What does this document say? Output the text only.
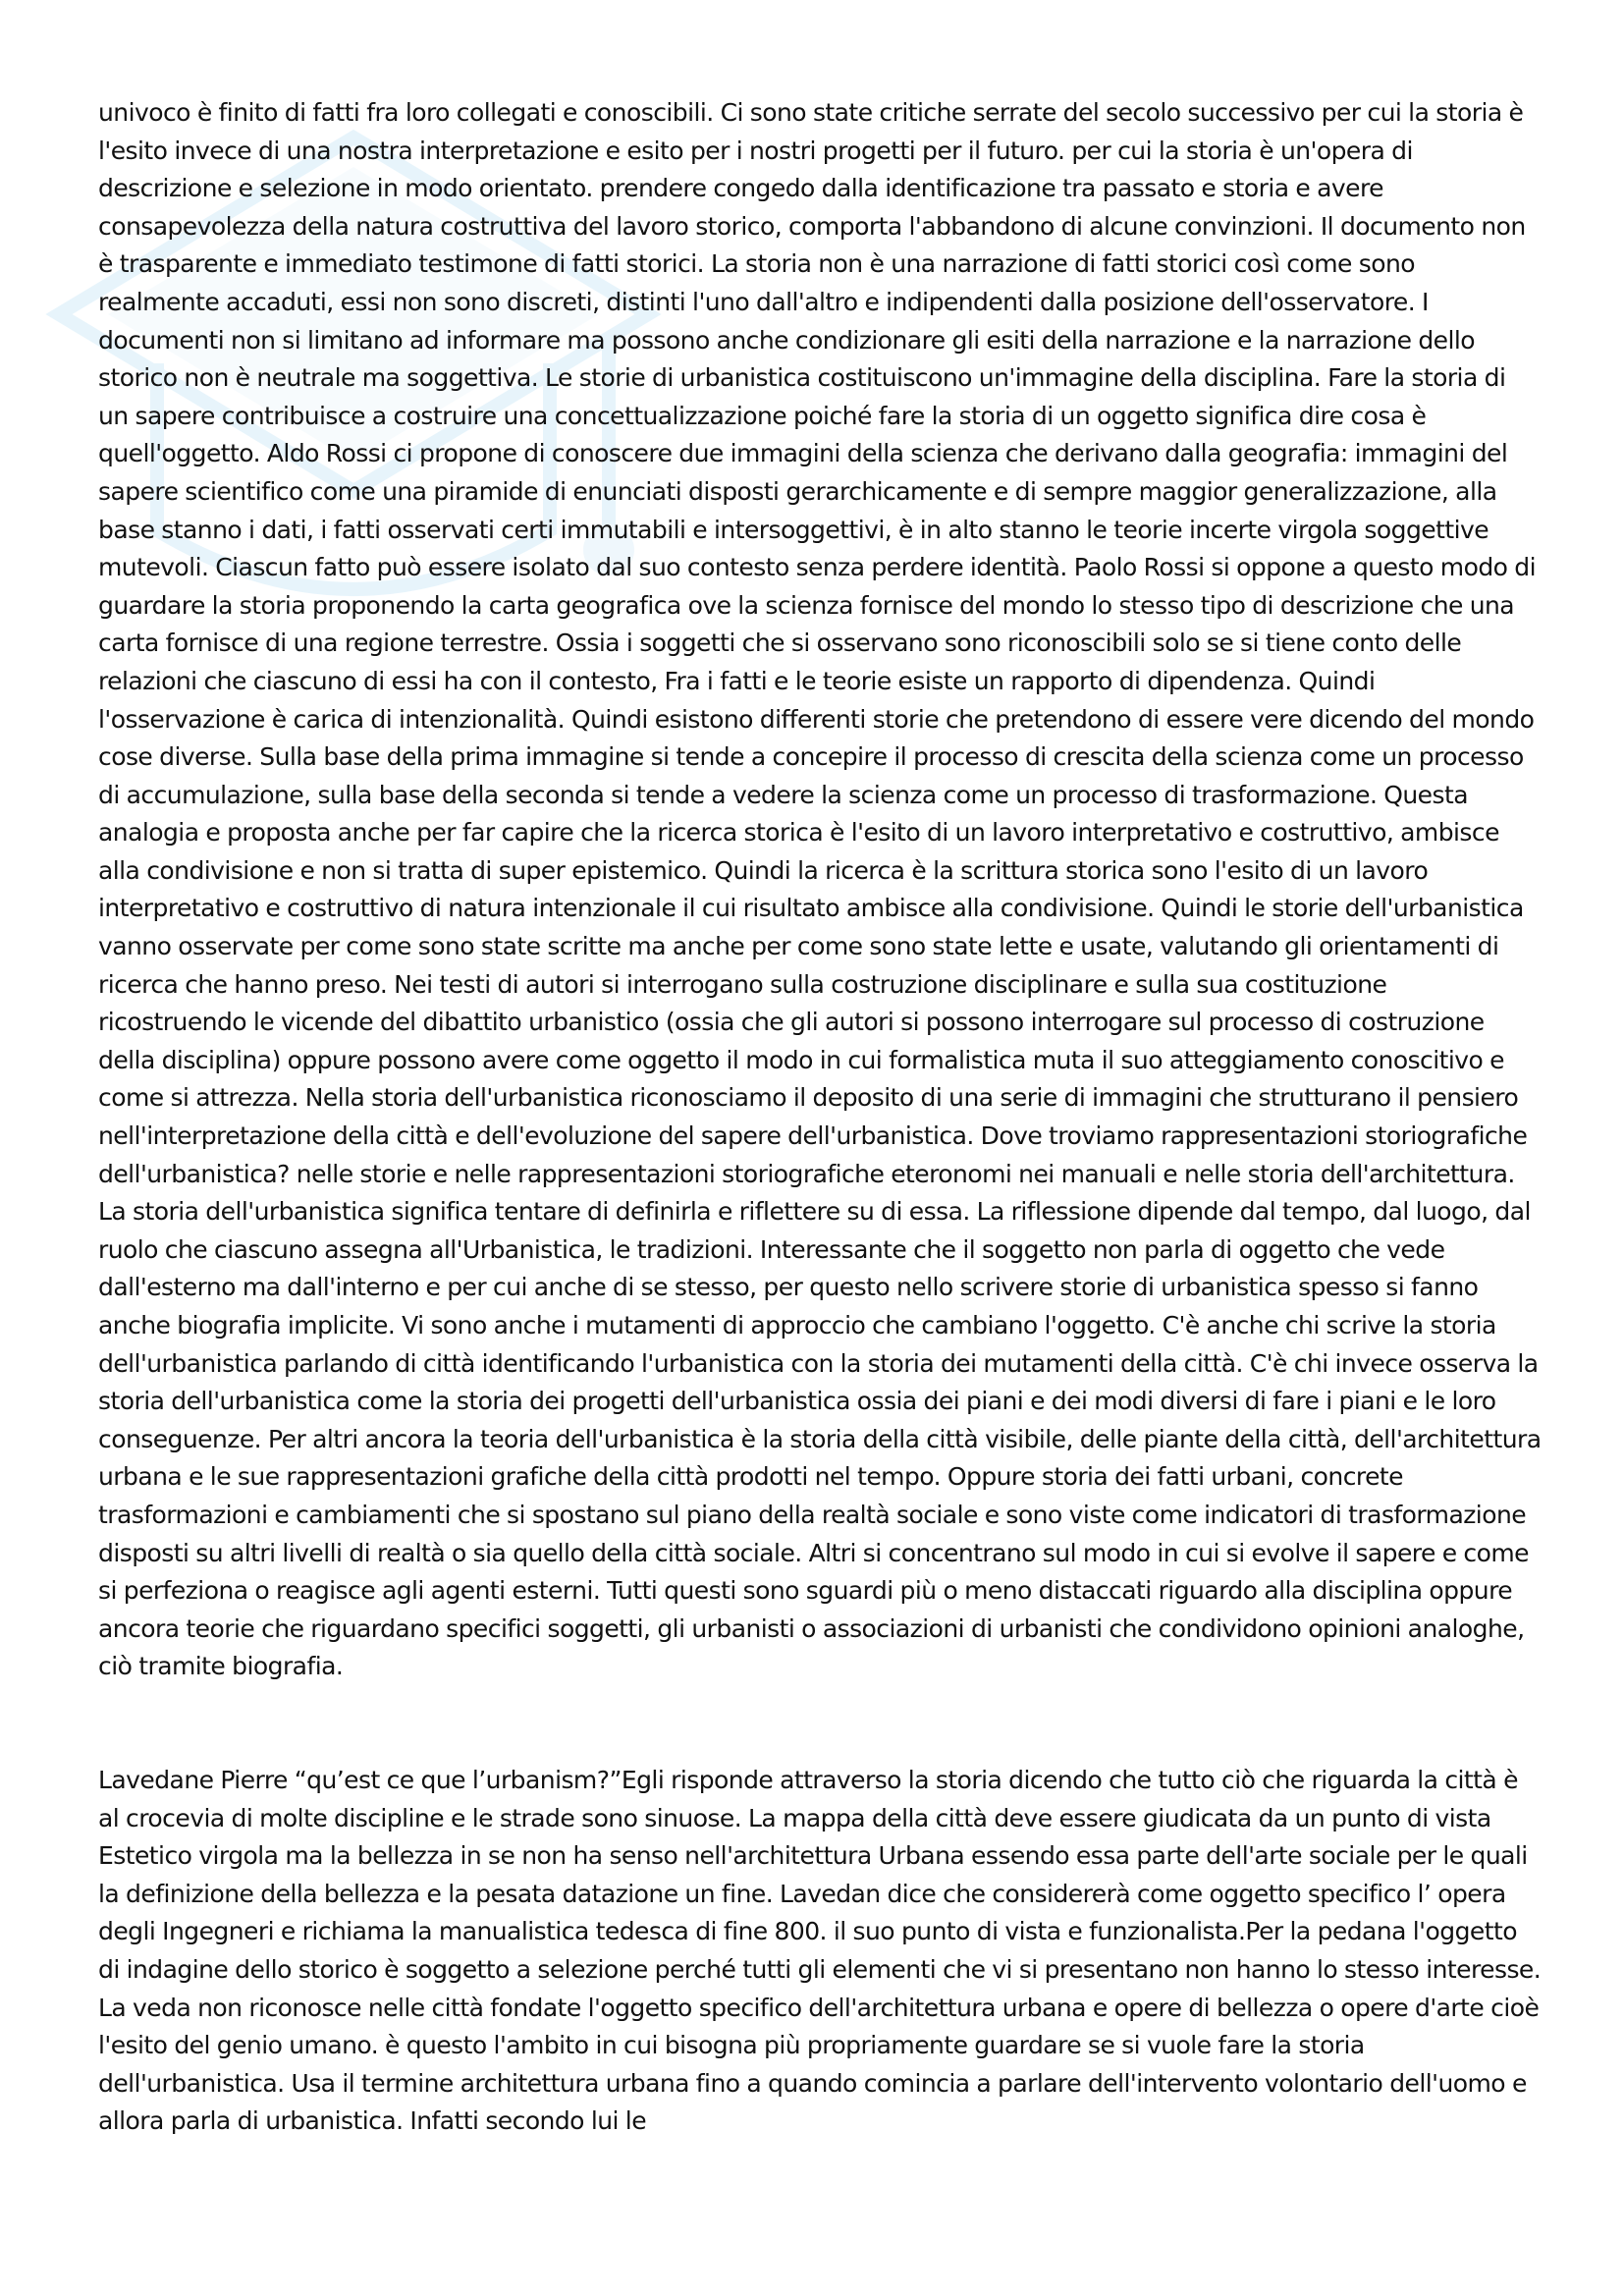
univoco è finito di fatti fra loro collegati e conoscibili. Ci sono state critiche serrate del secolo successivo per cui la storia è l'esito invece di una nostra interpretazione e esito per i nostri progetti per il futuro. per cui la storia è un'opera di descrizione e selezione in modo orientato. prendere congedo dalla identificazione tra passato e storia e avere consapevolezza della natura costruttiva del lavoro storico, comporta l'abbandono di alcune convinzioni. Il documento non è trasparente e immediato testimone di fatti storici. La storia non è una narrazione di fatti storici così come sono realmente accaduti, essi non sono discreti, distinti l'uno dall'altro e indipendenti dalla posizione dell'osservatore. I documenti non si limitano ad informare ma possono anche condizionare gli esiti della narrazione e la narrazione dello storico non è neutrale ma soggettiva. Le storie di urbanistica costituiscono un'immagine della disciplina. Fare la storia di un sapere contribuisce a costruire una concettualizzazione poiché fare la storia di un oggetto significa dire cosa è quell'oggetto. Aldo Rossi ci propone di conoscere due immagini della scienza che derivano dalla geografia: immagini del sapere scientifico come una piramide di enunciati disposti gerarchicamente e di sempre maggior generalizzazione, alla base stanno i dati, i fatti osservati certi immutabili e intersoggettivi, è in alto stanno le teorie incerte virgola soggettive mutevoli. Ciascun fatto può essere isolato dal suo contesto senza perdere identità. Paolo Rossi si oppone a questo modo di guardare la storia proponendo la carta geografica ove la scienza fornisce del mondo lo stesso tipo di descrizione che una carta fornisce di una regione terrestre. Ossia i soggetti che si osservano sono riconoscibili solo se si tiene conto delle relazioni che ciascuno di essi ha con il contesto, Fra i fatti e le teorie esiste un rapporto di dipendenza. Quindi l'osservazione è carica di intenzionalità. Quindi esistono differenti storie che pretendono di essere vere dicendo del mondo cose diverse. Sulla base della prima immagine si tende a concepire il processo di crescita della scienza come un processo di accumulazione, sulla base della seconda si tende a vedere la scienza come un processo di trasformazione. Questa analogia e proposta anche per far capire che la ricerca storica è l'esito di un lavoro interpretativo e costruttivo, ambisce alla condivisione e non si tratta di super epistemico. Quindi la ricerca è la scrittura storica sono l'esito di un lavoro interpretativo e costruttivo di natura intenzionale il cui risultato ambisce alla condivisione. Quindi le storie dell'urbanistica vanno osservate per come sono state scritte ma anche per come sono state lette e usate, valutando gli orientamenti di ricerca che hanno preso. Nei testi di autori si interrogano sulla costruzione disciplinare e sulla sua costituzione ricostruendo le vicende del dibattito urbanistico (ossia che gli autori si possono interrogare sul processo di costruzione della disciplina) oppure possono avere come oggetto il modo in cui formalistica muta il suo atteggiamento conoscitivo e come si attrezza. Nella storia dell'urbanistica riconosciamo il deposito di una serie di immagini che strutturano il pensiero nell'interpretazione della città e dell'evoluzione del sapere dell'urbanistica. Dove troviamo rappresentazioni storiografiche dell'urbanistica? nelle storie e nelle rappresentazioni storiografiche eteronomi nei manuali e nelle storia dell'architettura. La storia dell'urbanistica significa tentare di definirla e riflettere su di essa. La riflessione dipende dal tempo, dal luogo, dal ruolo che ciascuno assegna all'Urbanistica, le tradizioni. Interessante che il soggetto non parla di oggetto che vede dall'esterno ma dall'interno e per cui anche di se stesso, per questo nello scrivere storie di urbanistica spesso si fanno anche biografia implicite. Vi sono anche i mutamenti di approccio che cambiano l'oggetto. C'è anche chi scrive la storia dell'urbanistica parlando di città identificando l'urbanistica con la storia dei mutamenti della città. C'è chi invece osserva la storia dell'urbanistica come la storia dei progetti dell'urbanistica ossia dei piani e dei modi diversi di fare i piani e le loro conseguenze. Per altri ancora la teoria dell'urbanistica è la storia della città visibile, delle piante della città, dell'architettura urbana e le sue rappresentazioni grafiche della città prodotti nel tempo. Oppure storia dei fatti urbani, concrete trasformazioni e cambiamenti che si spostano sul piano della realtà sociale e sono viste come indicatori di trasformazione disposti su altri livelli di realtà o sia quello della città sociale. Altri si concentrano sul modo in cui si evolve il sapere e come si perfeziona o reagisce agli agenti esterni. Tutti questi sono sguardi più o meno distaccati riguardo alla disciplina oppure ancora teorie che riguardano specifici soggetti, gli urbanisti o associazioni di urbanisti che condividono opinioni analoghe, ciò tramite biografia.

Lavedane Pierre “qu’est ce que l’urbanism?”Egli risponde attraverso la storia dicendo che tutto ciò che riguarda la città è al crocevia di molte discipline e le strade sono sinuose. La mappa della città deve essere giudicata da un punto di vista Estetico virgola ma la bellezza in se non ha senso nell'architettura Urbana essendo essa parte dell'arte sociale per le quali la definizione della bellezza e la pesata datazione un fine. Lavedan dice che considererà come oggetto specifico l’ opera degli Ingegneri e richiama la manualistica tedesca di fine 800. il suo punto di vista e funzionalista.Per la pedana l'oggetto di indagine dello storico è soggetto a selezione perché tutti gli elementi che vi si presentano non hanno lo stesso interesse. La veda non riconosce nelle città fondate l'oggetto specifico dell'architettura urbana e opere di bellezza o opere d'arte cioè l'esito del genio umano. è questo l'ambito in cui bisogna più propriamente guardare se si vuole fare la storia dell'urbanistica. Usa il termine architettura urbana fino a quando comincia a parlare dell'intervento volontario dell'uomo e allora parla di urbanistica. Infatti secondo lui le
